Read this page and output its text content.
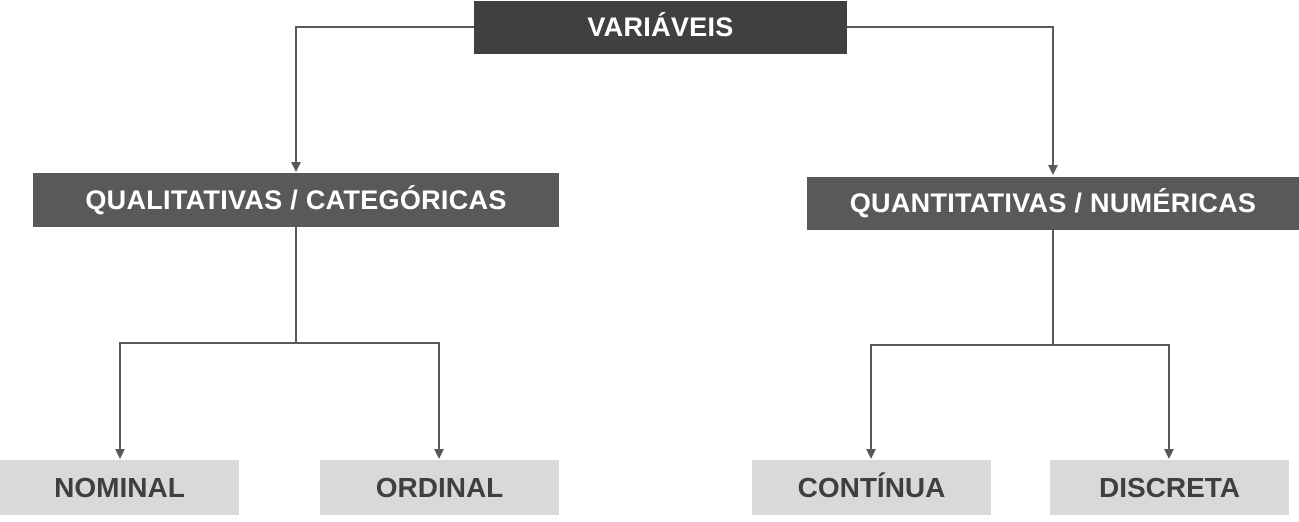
VARIÁVEIS
QUALITATIVAS / CATEGÓRICAS	QUANTITATIVAS / NUMÉRICAS
NOMINAL	ORDINAL	CONTÍNUA	DISCRETA
